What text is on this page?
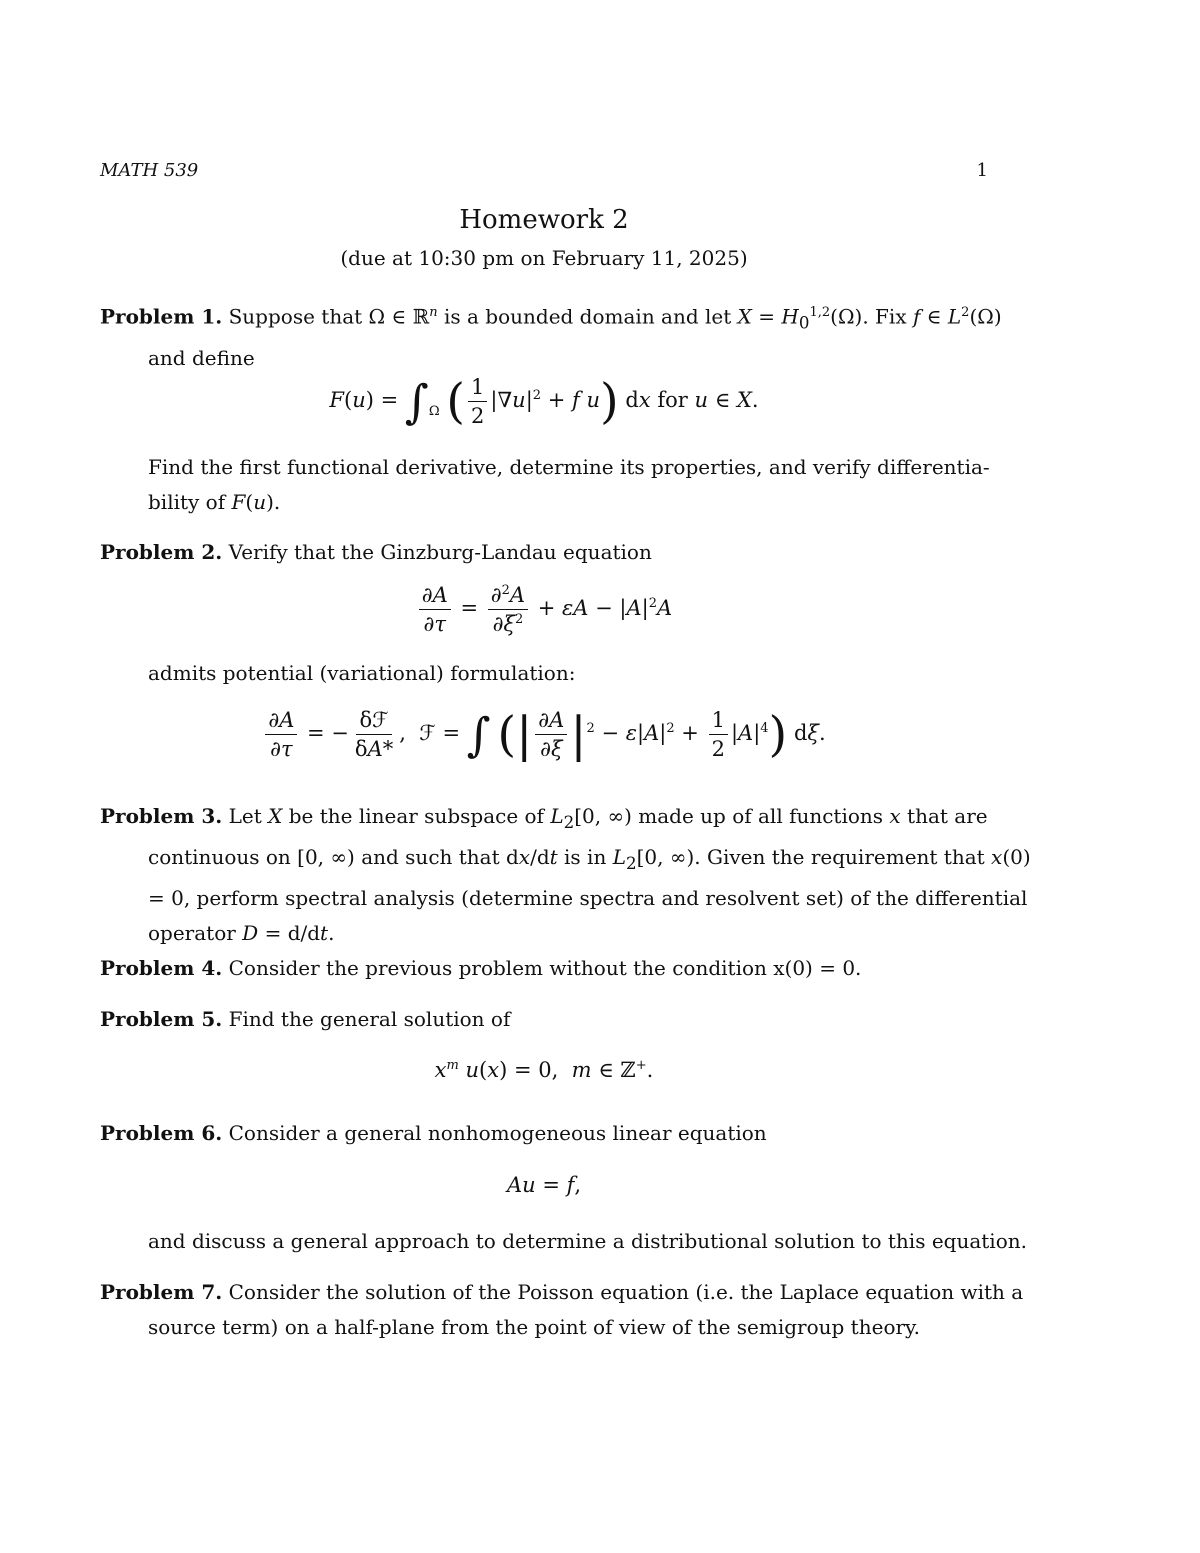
MATH 539	1
Homework 2
(due at 10:30 pm on February 11, 2025)
Problem 1. Suppose that Ω ∈ ℝ$^n$ is a bounded domain and let $X = H_0^{1,2}(\Omega)$. Fix f ∈ $L^2(\Omega)$ and define
$F(u) = \int_\Omega$ ( $\frac{1}{2} |\nabla u|^2 + f$ u) dx for u ∈ X.
Find the first functional derivative, determine its properties, and verify differentia- bility of F(u).
Problem 2. Verify that the Ginzburg-Landau equation
$\frac{\partial A}{\partial\tau} = \frac{\partial^2A}{\partial\xi^2} + \varepsilon A - |A|^2A$
admits potential (variational) formulation:
$\frac{\partial A}{\partial\tau}$ = − $\frac{\text{δℱ}}{\delta A*}$ ,  ℱ = ∫ (| $\frac{\partial A}{\partial\xi} |^2 - \varepsilon|A|^2 + \frac{1}{2} |A|^4$) dξ.
Problem 3. Let X be the linear subspace of $L_2[0$, ∞) made up of all functions x that are continuous on [0, ∞) and such that dx/dt is in $L_2[0$, ∞). Given the requirement that x(0) = 0, perform spectral analysis (determine spectra and resolvent set) of the differential operator D = d/dt.
Problem 4. Consider the previous problem without the condition x(0) = 0.
Problem 5. Find the general solution of
$x^m$ u(x) = 0,  m ∈ ℤ+.
Problem 6. Consider a general nonhomogeneous linear equation
Au = f,
and discuss a general approach to determine a distributional solution to this equation.
Problem 7. Consider the solution of the Poisson equation (i.e. the Laplace equation with a source term) on a half-plane from the point of view of the semigroup theory.
